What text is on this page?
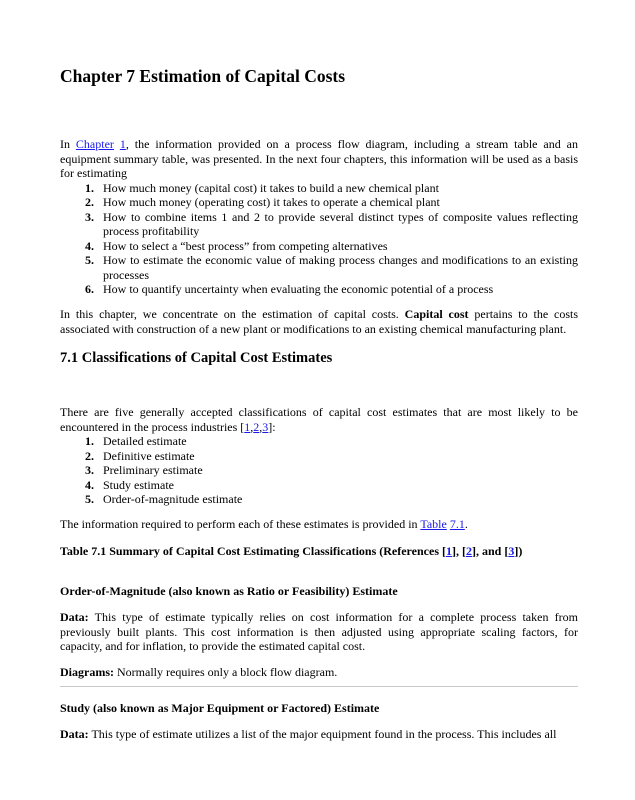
Chapter 7 Estimation of Capital Costs

In Chapter 1, the information provided on a process flow diagram, including a stream table and an equipment summary table, was presented. In the next four chapters, this information will be used as a basis for estimating

1. How much money (capital cost) it takes to build a new chemical plant
2. How much money (operating cost) it takes to operate a chemical plant
3. How to combine items 1 and 2 to provide several distinct types of composite values reflecting process profitability
4. How to select a “best process” from competing alternatives
5. How to estimate the economic value of making process changes and modifications to an existing processes
6. How to quantify uncertainty when evaluating the economic potential of a process

In this chapter, we concentrate on the estimation of capital costs. Capital cost pertains to the costs associated with construction of a new plant or modifications to an existing chemical manufacturing plant.

7.1 Classifications of Capital Cost Estimates

There are five generally accepted classifications of capital cost estimates that are most likely to be encountered in the process industries [1,2,3]:

1. Detailed estimate
2. Definitive estimate
3. Preliminary estimate
4. Study estimate
5. Order-of-magnitude estimate

The information required to perform each of these estimates is provided in Table 7.1.

Table 7.1 Summary of Capital Cost Estimating Classifications (References [1], [2], and [3])

Order-of-Magnitude (also known as Ratio or Feasibility) Estimate

Data: This type of estimate typically relies on cost information for a complete process taken from previously built plants. This cost information is then adjusted using appropriate scaling factors, for capacity, and for inflation, to provide the estimated capital cost.

Diagrams: Normally requires only a block flow diagram.

Study (also known as Major Equipment or Factored) Estimate

Data: This type of estimate utilizes a list of the major equipment found in the process. This includes all
